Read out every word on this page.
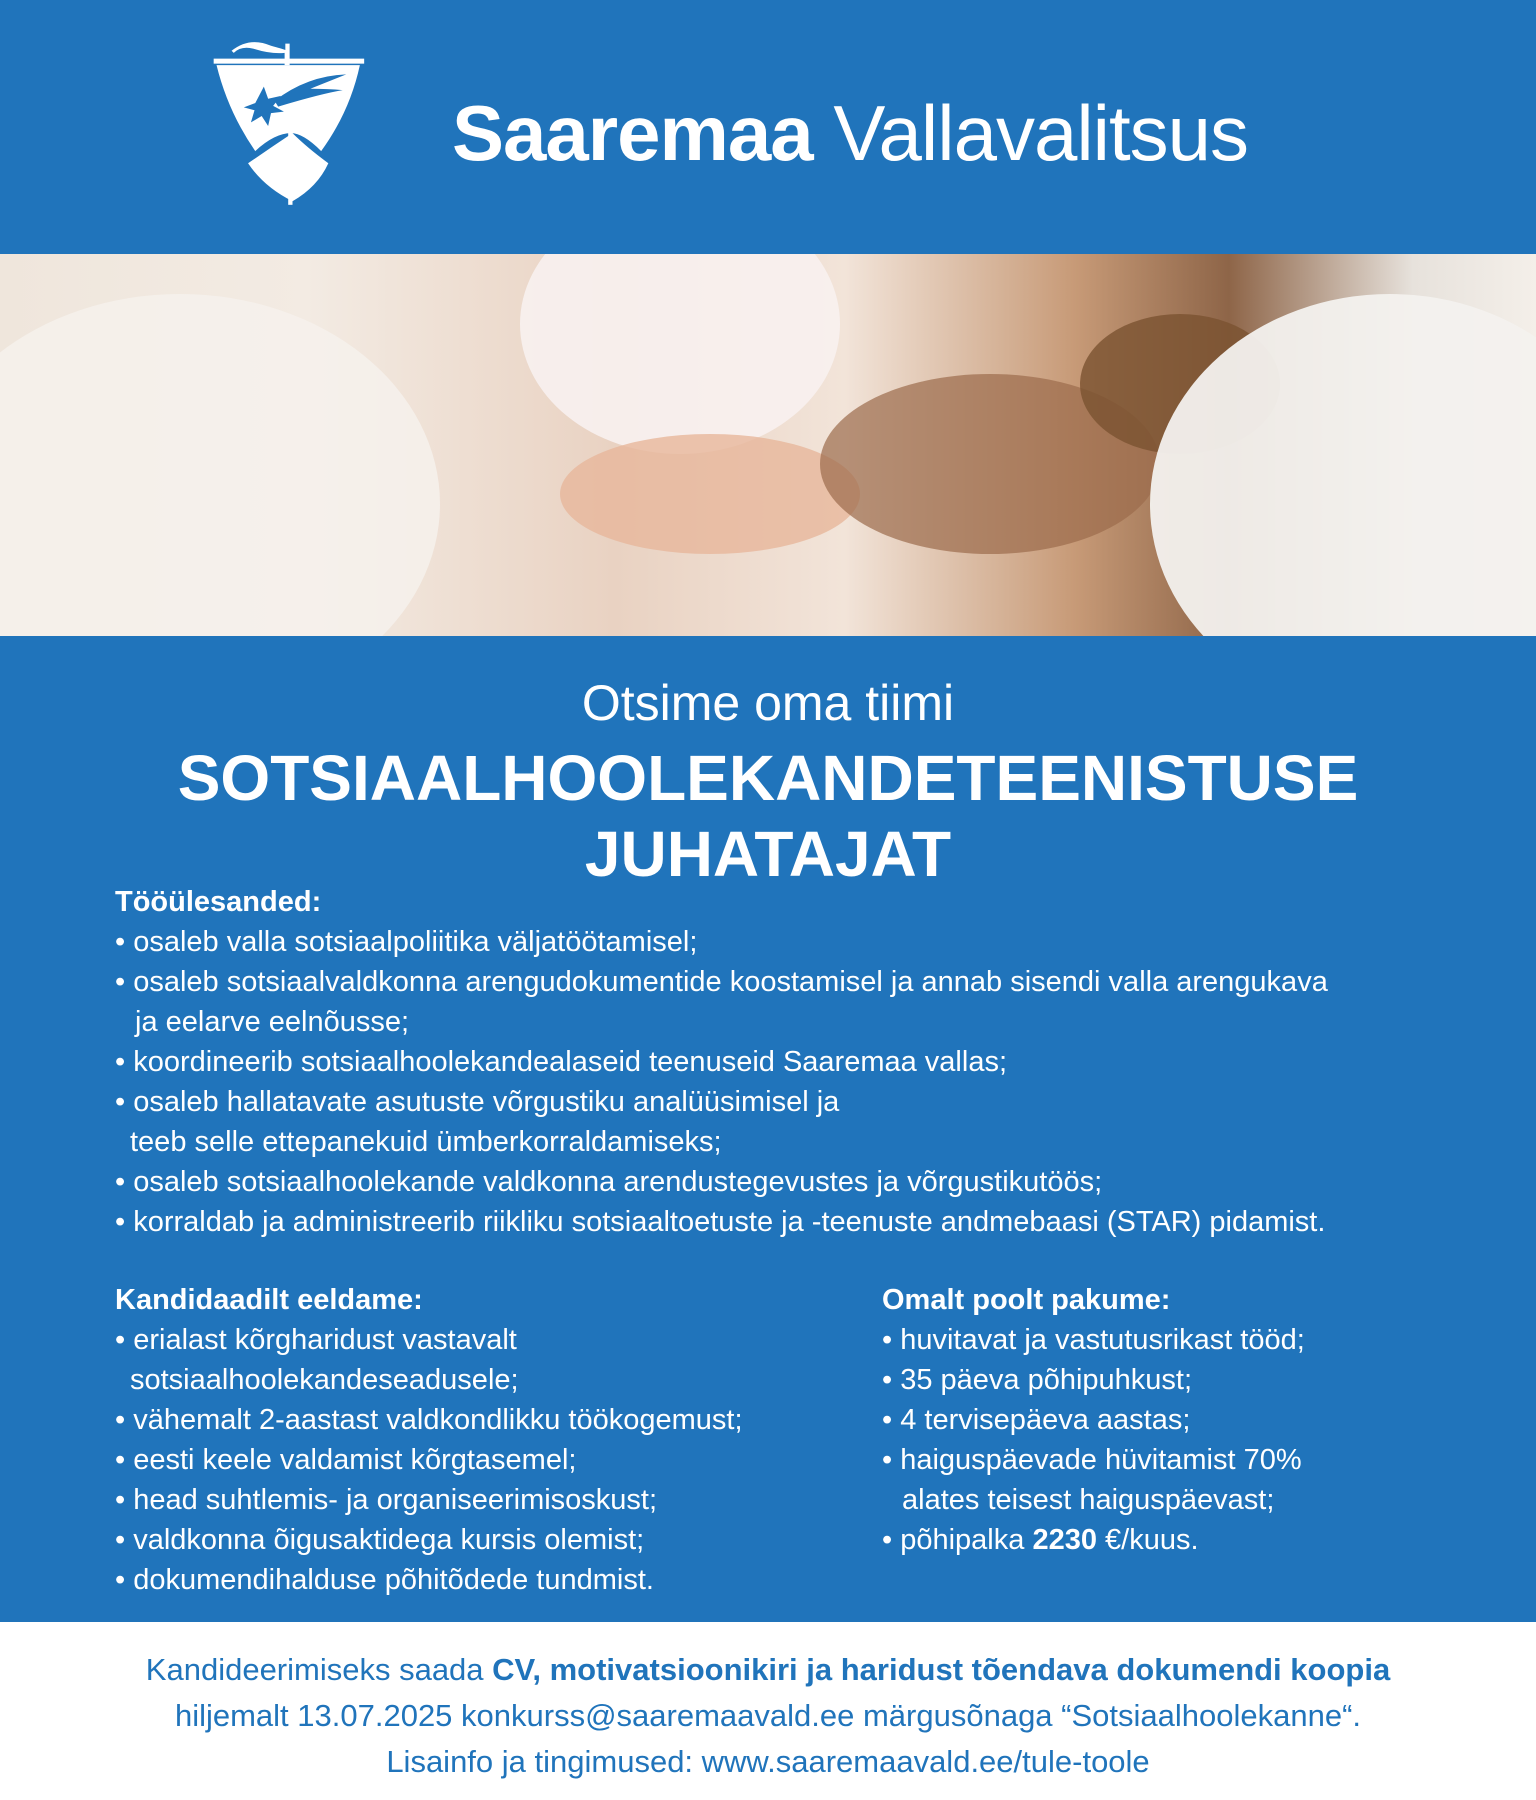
Saaremaa Vallavalitsus
Otsime oma tiimi
SOTSIAALHOOLEKANDETEENISTUSE
JUHATAJAT
Tööülesanded:
• osaleb valla sotsiaalpoliitika väljatöötamisel;
• osaleb sotsiaalvaldkonna arengudokumentide koostamisel ja annab sisendi valla arengukava
ja eelarve eelnõusse;
• koordineerib sotsiaalhoolekandealaseid teenuseid Saaremaa vallas;
• osaleb hallatavate asutuste võrgustiku analüüsimisel ja
teeb selle ettepanekuid ümberkorraldamiseks;
• osaleb sotsiaalhoolekande valdkonna arendustegevustes ja võrgustikutöös;
• korraldab ja administreerib riikliku sotsiaaltoetuste ja -teenuste andmebaasi (STAR) pidamist.
Kandidaadilt eeldame:
• erialast kõrgharidust vastavalt
sotsiaalhoolekandeseadusele;
• vähemalt 2-aastast valdkondlikku töökogemust;
• eesti keele valdamist kõrgtasemel;
• head suhtlemis- ja organiseerimisoskust;
• valdkonna õigusaktidega kursis olemist;
• dokumendihalduse põhitõdede tundmist.
Omalt poolt pakume:
• huvitavat ja vastutusrikast tööd;
• 35 päeva põhipuhkust;
• 4 tervisepäeva aastas;
• haiguspäevade hüvitamist 70%
alates teisest haiguspäevast;
• põhipalka 2230 €/kuus.
Kandideerimiseks saada CV, motivatsioonikiri ja haridust tõendava dokumendi koopia
hiljemalt 13.07.2025 konkurss@saaremaavald.ee märgusõnaga “Sotsiaalhoolekanne“.
Lisainfo ja tingimused: www.saaremaavald.ee/tule-toole
